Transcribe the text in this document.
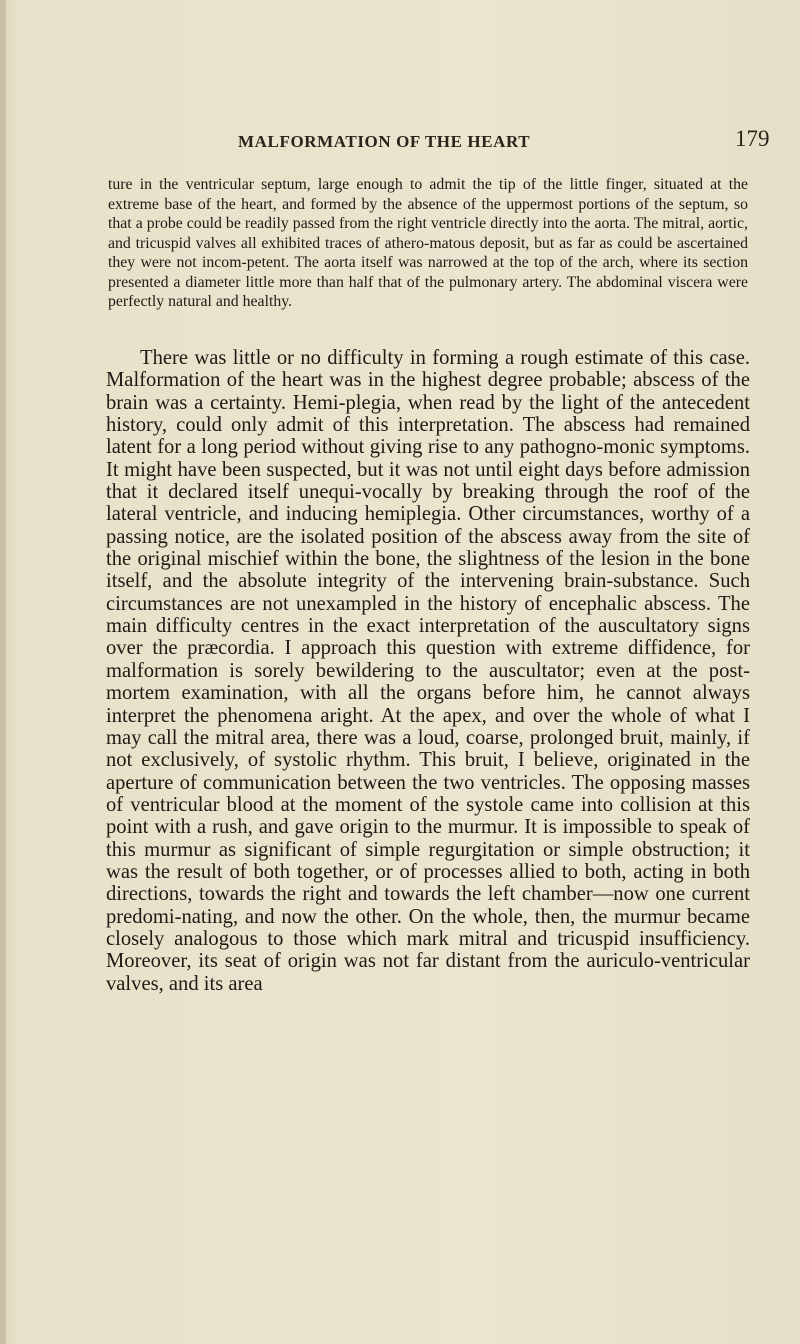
MALFORMATION OF THE HEART	179

ture in the ventricular septum, large enough to admit the tip of the little finger, situated at the extreme base of the heart, and formed by the absence of the uppermost portions of the septum, so that a probe could be readily passed from the right ventricle directly into the aorta. The mitral, aortic, and tricuspid valves all exhibited traces of athero-matous deposit, but as far as could be ascertained they were not incom-petent. The aorta itself was narrowed at the top of the arch, where its section presented a diameter little more than half that of the pulmonary artery. The abdominal viscera were perfectly natural and healthy.

There was little or no difficulty in forming a rough estimate of this case. Malformation of the heart was in the highest degree probable; abscess of the brain was a certainty. Hemi-plegia, when read by the light of the antecedent history, could only admit of this interpretation. The abscess had remained latent for a long period without giving rise to any pathogno-monic symptoms. It might have been suspected, but it was not until eight days before admission that it declared itself unequi-vocally by breaking through the roof of the lateral ventricle, and inducing hemiplegia. Other circumstances, worthy of a passing notice, are the isolated position of the abscess away from the site of the original mischief within the bone, the slightness of the lesion in the bone itself, and the absolute integrity of the intervening brain-substance. Such circumstances are not unexampled in the history of encephalic abscess. The main difficulty centres in the exact interpretation of the auscultatory signs over the præcordia. I approach this question with extreme diffidence, for malformation is sorely bewildering to the auscultator; even at the post-mortem examination, with all the organs before him, he cannot always interpret the phenomena aright. At the apex, and over the whole of what I may call the mitral area, there was a loud, coarse, prolonged bruit, mainly, if not exclusively, of systolic rhythm. This bruit, I believe, originated in the aperture of communication between the two ventricles. The opposing masses of ventricular blood at the moment of the systole came into collision at this point with a rush, and gave origin to the murmur. It is impossible to speak of this murmur as significant of simple regurgitation or simple obstruction; it was the result of both together, or of processes allied to both, acting in both directions, towards the right and towards the left chamber—now one current predomi-nating, and now the other. On the whole, then, the murmur became closely analogous to those which mark mitral and tricuspid insufficiency. Moreover, its seat of origin was not far distant from the auriculo-ventricular valves, and its area
